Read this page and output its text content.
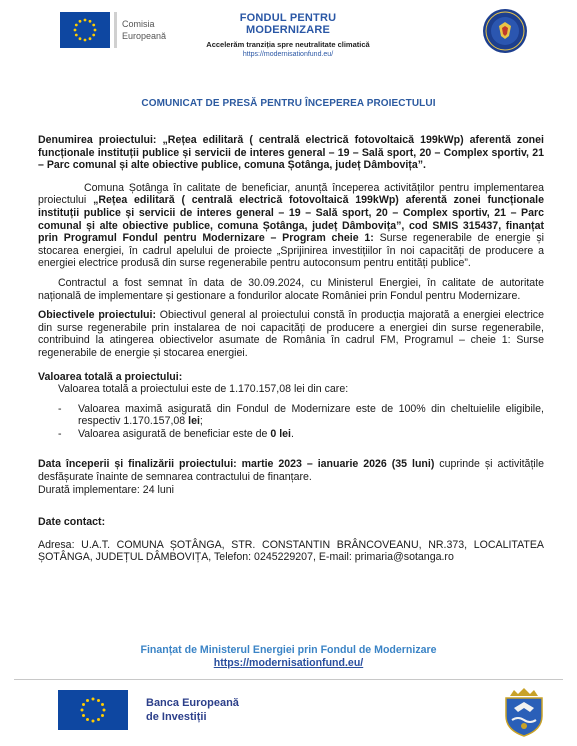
Comisia
Europeană
FONDUL PENTRU MODERNIZARE
Accelerăm tranziția spre neutralitate climatică
https://modernisationfund.eu/
COMUNICAT DE PRESĂ PENTRU ÎNCEPEREA PROIECTULUI

Denumirea proiectului: „Rețea edilitară ( centrală electrică fotovoltaică 199kWp) aferentă zonei funcționale instituții publice și servicii de interes general – 19 – Sală sport, 20 – Complex sportiv, 21 – Parc comunal și alte obiective publice, comuna Șotânga, județ Dâmbovița”.

Comuna Șotânga în calitate de beneficiar, anunță începerea activităților pentru implementarea proiectului „Rețea edilitară ( centrală electrică fotovoltaică 199kWp) aferentă zonei funcționale instituții publice și servicii de interes general – 19 – Sală sport, 20 – Complex sportiv, 21 – Parc comunal și alte obiective publice, comuna Șotânga, județ Dâmbovița”, cod SMIS 315437, finanțat prin Programul Fondul pentru Modernizare – Program cheie 1: Surse regenerabile de energie și stocarea energiei, în cadrul apelului de proiecte „Sprijinirea investițiilor în noi capacități de producere a energiei electrice produsă din surse regenerabile pentru autoconsum pentru entități publice”.

Contractul a fost semnat în data de 30.09.2024, cu Ministerul Energiei, în calitate de autoritate națională de implementare și gestionare a fondurilor alocate României prin Fondul pentru Modernizare.

Obiectivele proiectului: Obiectivul general al proiectului constă în producția majorată a energiei electrice din surse regenerabile prin instalarea de noi capacități de producere a energiei din surse regenerabile, contribuind la atingerea obiectivelor asumate de România în cadrul FM, Programul – cheie 1: Surse regenerabile de energie și stocarea energiei.

Valoarea totală a proiectului:

Valoarea totală a proiectului este de 1.170.157,08 lei din care:

- Valoarea maximă asigurată din Fondul de Modernizare este de 100% din cheltuielile eligibile, respectiv 1.170.157,08 lei;

- Valoarea asigurată de beneficiar este de 0 lei.

Data începerii și finalizării proiectului: martie 2023 – ianuarie 2026 (35 luni) cuprinde și activitățile desfășurate înainte de semnarea contractului de finanțare.

Durată implementare: 24 luni

Date contact:

Adresa: U.A.T. COMUNA ȘOTÂNGA, STR. CONSTANTIN BRÂNCOVEANU, NR.373, LOCALITATEA ȘOTÂNGA, JUDEȚUL DÂMBOVIȚA, Telefon: 0245229207, E-mail: primaria@sotanga.ro

Finanțat de Ministerul Energiei prin Fondul de Modernizare
https://modernisationfund.eu/
Banca Europeană
de Investiții
